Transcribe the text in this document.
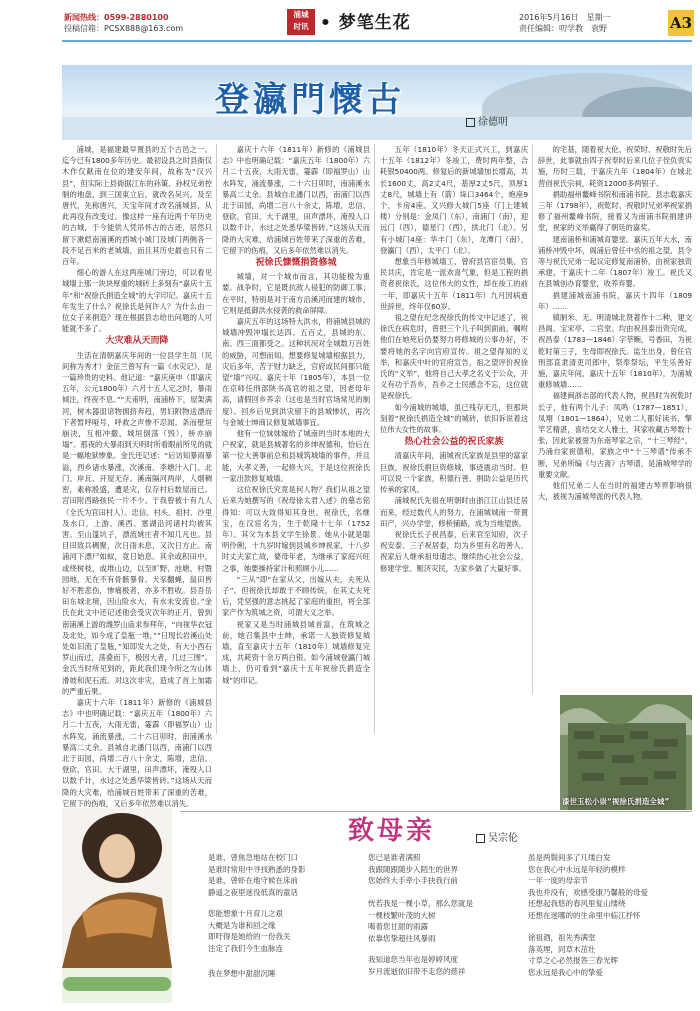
新闻热线：0599-2880100
投稿信箱：PCSX888@163.com
浦城
时讯 • 梦笔生花	2016年5月16日　星期一
责任编辑：叨学教　袁野	A3
登瀛門懷古
徐德明

浦城，是福建最早置县的五个古邑之一。迄今已有1800多年历史。最初设县之时县衙仅木作仅献南在位的建安年间，故称为“汉兴县”，但实际上县衙据江东的孙策、孙权兄弟控制的地盘，到三国東立后，就改名吴兴。及至唐代，先称唐兴，天宝年间才改名浦城县，从此再没有改变过。像这样一座有近两千年历史的古城，于今能供人凭吊怀古的古迹，居然只留下漱皑南浦溪的西城小城门及城门两侧各一段不足百米的老城墙，而且其历史最也只有二百年。

细心的游人在这两座城门旁边，可以看见城墙上那一块块厚重的城砖上多刻有“嘉庆十五年”和“祝徐氏捐造全城”的大字印记。嘉庆十五年发生了什么？祝徐氏是何许人？为什么由一位女子来捐造？现在根据县志给出问题的人可能就不多了。

大灾难从天而降

生活在清朝嘉庆年间的一位县学生员（民间称为秀才）金征兰曾写有一篇《水灾记》，是一篇珍贵的史料。他记道：“嘉庆庚申（即嘉庆五年，公元1800年）六月十五人定之时，暴雨倾注，终夜不息。”“天甫明，南浦桥下，屋架满河，树木器皿谙物拥挤奔趋，男妇附物送漂而下者暂呼哑号，呼救之声惨不忍闻。条而壁垣崩决，互相冲撒，城垣倒荡（毁），桥亦崩塌”。那夜的大暴雨到天明时所看眼前所见的就是一幅地狱惨象。金氏还记述：“后访知暴雨暴溢，西乡诸水暴涨，次溪南、李塘汁入门、北门、岸瓦、开屋无存。溪南隔河两岸，人烟稠密，素称殷盛，遭是灾，仅存村后数屋而已。宫田附西路孩民一片不少。于我曾被十有九人（全氏为官田村人）。忠信、村头、祖村、沙里及水口，上游、溪西、塞湖沿河诸村均被其害。至山篷坑子，漂流姚庄者不知几凡也。县目田致兵稠聚，次日雨未息，又次日方止。南浦河下漂尸如蚁，竟日始息。其余或积田中，或绕树枝，或堆山边，以至旷野、池塘、村暨园地，无在不有骨骸暴骨。犬豕翻蝇，鼠田皆好不胜悲伤，惨痛极者，亦多不胜收。县吾岳田东城北境，因山险水大，有水未安流也。”金氏在此文中还记述他会受灾次年的正月，曾到南浦溪上游的潍罗山庙求参拜年，“向视华衣冠及北处，如今成了皇瓶一堆，”“日现长岩溪山处处如旧流了皇瓶，”知即发大之处，有大小西石罗山而过，荡叠而下，极因大者，几过三围”。金氏当时所见到的，距此我们现今所之为山体滑坡和泥石流。对这次非灾，造成了首上加霜的严重后果。

嘉庆十六年（1811年）新修的《浦城县志》中也明确记载：“嘉庆五年（1800年）六月二十五夜，大雨无雷，霎霹（即福罗山）山水阵发，涌流暴涨，二十六日卯时，南浦溪水暴高二丈余。县城自北潘门以西，南浦门以西北于田园，尚增二百八十余丈，陈增，忠信、登砍，官田、大干湖里，田声漂坏，淹殁人口以数千计，水过之处悉华梁皆砖。”这场从天而降的大灾难，给浦城百姓带来了深重的苦难，它留下的伤痕，又后多年依然难以消失。

嘉庆十六年（1811年）新修的《浦城县志》中也明确记载：“嘉庆五年（1800年）六月二十五夜，大雨无雷，霎霹（即福罗山）山水阵发，涌流暴涨，二十六日卯时，南浦溪水暴高二丈余。县城自北潘门以西，南浦门以西北于田园，尚增二百八十余丈，陈增，忠信、登砍，官田、大干湖里，田声漂坏，淹殁人口以数千计，水过之处悉华梁皆砖。”这场从天而降的大灾难，给浦城百姓带来了深重的苦难，它留下的伤痕，又后多年依然难以消失。

祝徐氏慷慨捐资修城

城墙，对一个城市而言，其功能极为重要。战争时，它是既抗敌人侵犯的防御工事；在平时，特别是对于南方沿溪河而建的城市，它则是抵御洪水侵袭的救命屏障。

嘉庆五年的这场特大洪水，将浦城县城的城墙冲毁冲塌长达四、五百丈，县城的东、南、西三面都受之。这种状况对全城数万百姓的威胁，可想而知。想要修复城墙根据县力，灾后多年，苦于财力缺乏，官府或民间都只能望“墙”兴叹。嘉庆十年（1805年），本县一位在京师任刑部陕书高官的祖之望，因老母年高，请假回乡养亲（这也是当时官场常见的制度）。回乡后见到洪灾留下的县城惨状，再次与金城士绅商议修复城墙事宜。

他有一位妹妹嫁给了城南的当时本地的大户祝家，就是县城著名的乡绅祝德和，恰后在第一位大善事前总和县城筑城墙的事件，并且能，大孝义善，一起修大兴，于是这位祝徐氏一家出款修复城墙。

这位祝徐氏究竟是何人物？我们从祖之望后来为她撰写的《祝母徐太君人述》的墓志铭得知：可以大致得知其身世。祝徐氏，名继宝，在汉宦名为，生于乾隆十七年（1752年）。其父为本县文学生徐景。她从小就是聪明伶俐，十九岁时嫁到县城乡绅祝家，十八岁时丈夫家亡故，婆母年老，为继承了家庭兴旺之事，她要操持家计和照顾小儿……

“三从”即“在家从父，出嫁从夫，夫死从子”。但祝徐氏却敢于不顾传统，在其丈夫死后，凭坚强的意志挑起了家庭的重担，将全部家产作为筑城之资，可谓大义之举。

祝家又是当时浦城县城首富，在筑城之前，她召集县中士绅，承诺一人独资修复城墙，直至嘉庆十五年（1810年）城墙修复完成，共耗资十余万两白银。如今浦城登瀛门城墙上，仍可看到“嘉庆十五年祝徐氏捐造全城”的印记。

五年（1810年）冬天正式兴工，到嘉庆十五年（1812年）冬竣工，费时两年整，合耗银50400两。修复后的新城墙加长增高，共长1600丈，高2丈4尺，基厚2丈5尺，顶厚1丈8尺，城墙上有（箭）垛口3464个，炮座9个，卡房4座。又兴修大城门5座（门上建城楼）分别是：金凤门（东），南浦门（南），迎远门（西），德星门（西），拱北门（北）。另有小城门4座：华丰门（东），龙潭门（南），登瀛门（西），太平门（北）。

想象当年修城墙工，曾府县官宦员集，官民共庆，肯定是一派欢喜气象，但是工程的捐资者祝徐氏，这位伟大的女性，却在竣工的前一年，即嘉庆十五年（1811年）九月因病逝世辞世，终年仅60岁。

祖之望在纪念祝徐氏的传文中记述了，祝徐氏在病危时，曾把三个儿子叫到面前，嘱咐他们在她死后仍要努力将修城的公事办好，不要将她的名字向官府宣传。祖之望得知的义举，和嘉庆中叶的官府宣告，祖之望评价祝徐氏的“义举”，他将自己大孝之名义于公众，开义有功于吾乡，吾乡之士民感念不忘，这位就是祝徐氏。

如今浦城的城墙，虽已残存无几，但那块刻着“祝徐氏捐造全城”的城砖，依旧诉说着这位伟大女性的故事。

热心社会公益的祝氏家族

清嘉庆年间，浦城祝氏家族是县里的富家巨族，祝徐氏捐巨资修城，事迹震动当时。但可以说一个家族，积德行善、捐助公益是历代传承的家风。

浦城祝氏先祖在明朝时由浙江江山县迁居而来，经过数代人的努力，在浦城城南一带置田产，兴办学堂，修桥铺路，成为当地望族。

祝徐氏长子祝昌泰，后来官至知府，次子祝安泰、三子祝居泰，均为乡里有名的善人。祝家后人继承祖母遗志，继续热心社会公益，修建学堂、赈济灾民，为家乡做了大量好事。

的宅基，随着祝大伦、祝荣时、祝敬时先后辞世，此事就由四子祝奉时后来几位子侄负责实施，历时三载，于嘉庆九年（1804年）在城北营创祝氏宗祠，耗资12000多两银子。

捐助福州鳌峰书院和南浦书院。县志载嘉庆三年（1798年），祝乾时、祝敬时兄弟率祝家捐修了福州鳌峰书院，接着又为南浦书院捐建讲堂，祝家的义举赢得了朝廷的嘉奖。

建南浦桥和浦城育婴堂。嘉庆五年大水，南浦桥冲毁中坏，阁浦后曾任中丞的祖之望、县令等与祝氏兄弟一起议定修复南浦桥，由祝家独资承建，于嘉庆十二年（1807年）竣工。祝氏又在县城创办育婴堂，收养弃婴。

捐建浦城南浦书院，嘉庆十四年（1809年）……

镇制米、无、明清城北贤著作十二种，建文昌阁、宝宋亭、二官堂、均由祝昌泰出资完成，祝昌泰（1783—1846）字莘畹，号香田，为祝乾时第三子，生母即祝徐氏。监生出身，曾任官刑部直隶清吏司郎中，祭奉祭坛，平生乐善好施，嘉庆年间，嘉庆十五年（1810年），为浦城重修城墙……

福建闽浙志部的代表人物，祝昌时为祝乾时长子，他有两个儿子：凤鸣（1787—1851）、凤翔（1801—1864），兄弟二人都好读书，擎竿艺精湛，喜结交文人雅士，其家收藏古琴数十张，因此家被誉为东南琴家之宗，“十三琴经”，乃涌自家祝德和，家族之中“十三琴谱”传承不断，兄弟所编《与古斋》古琴谱，是浦城琴学的重要文献。

他们兄弟二人在当时的福建古琴界影响很大，被视为浦城琴派的代表人物。

漆世玉松小崇“视徐氏捐造全城”
致母亲	吴宗伦
是谁，曾焦急地站在校门口
是谁时常用中寻找熟悉的身影
是谁，曾虾在地守候在床前
静遥之夜里迷没低真的童话
您能想象十月育儿之艰
大概是为谁和回之缘
即吁得是她给的一份我关
注定了我们今生血脉连
我在梦想中甜甜沉睡
您已是谁者满照
我跟随跟随步入陌生的世界
您始终大手牵小手抉我行前
恍若我是一棵小草，那么您就是
一棵枝繁叶茂的大树
喝着您甘甜的雨露
依靠您挚超往风暴雨
我知道您当年也是婷婷风度
岁月流逝依旧带不走您的慈祥
虽是两鬓间多了几缕白发
您在我心中永远是年轻的模样
一年一度的母亲节
我也并没有，欢感受康乃馨般的母爱
还想起我悠的春风里复山缕绕
还想在迷哪的的生命里中临江抒怀
徐祖酒，祖先秀满堂
落英埋，同草木茁壮
寸草之心必然报答三春光辉
您永远是我心中的挚爱
